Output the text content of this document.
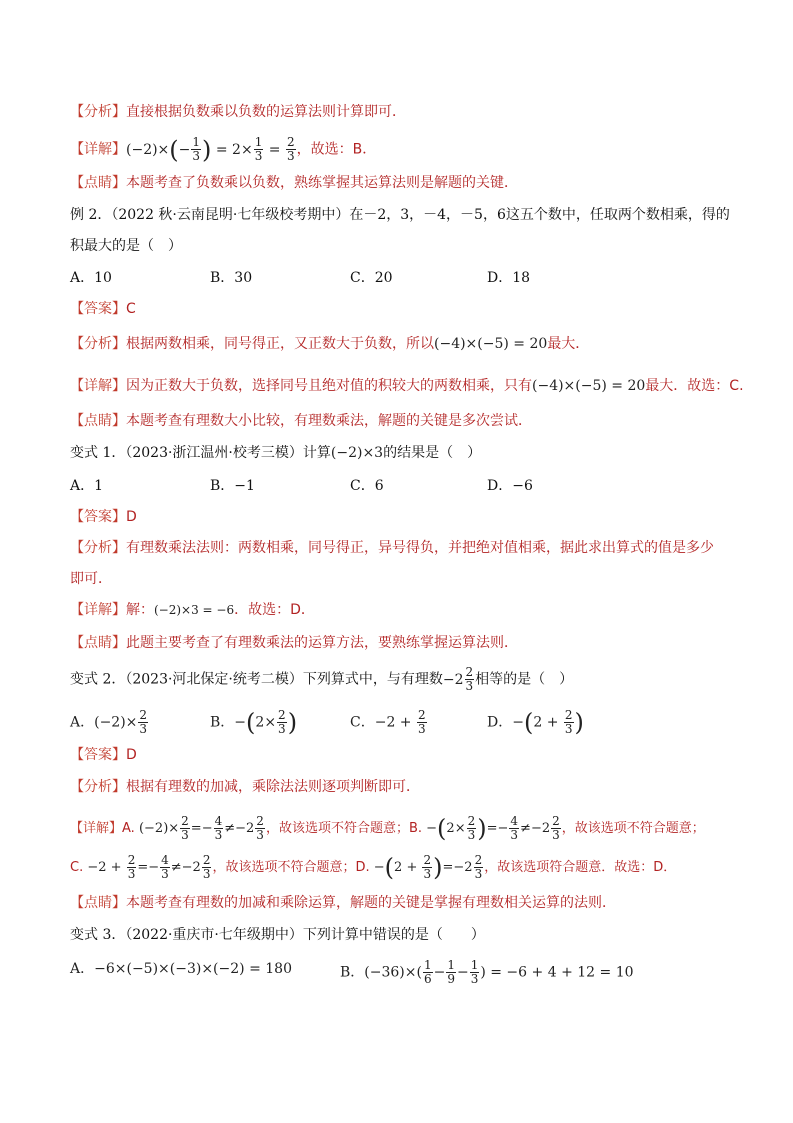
【分析】直接根据负数乘以负数的运算法则计算即可．
【详解】$(-2)\times(- \frac{1}{3}$ ) = $2\times \frac{1}{3} = \frac{2}{3}$ ，故选：B．
【点睛】本题考查了负数乘以负数，熟练掌握其运算法则是解题的关键．
例 2．（2022 秋·云南昆明·七年级校考期中）在－2，3，－4，－5，6这五个数中，任取两个数相乘，得的
积最大的是（　）
A．10	B．30	C．20	D．18
【答案】C
【分析】根据两数相乘，同号得正，又正数大于负数，所以(−4)×(−5) = 20最大．
【详解】因为正数大于负数，选择同号且绝对值的积较大的两数相乘，只有(−4)×(−5) = 20最大．故选：C.
【点睛】本题考查有理数大小比较，有理数乘法，解题的关键是多次尝试．
变式 1．（2023·浙江温州·校考三模）计算(−2)×3的结果是（　）
A．1	B．−1	C．6	D．−6
【答案】D
【分析】有理数乘法法则：两数相乘，同号得正，异号得负，并把绝对值相乘，据此求出算式的值是多少
即可．
【详解】解：(−2)×3 = −6．故选：D．
【点睛】此题主要考查了有理数乘法的运算方法，要熟练掌握运算法则．
变式 2．（2023·河北保定·统考二模）下列算式中，与有理数$-2 \frac{2}{3}$ 相等的是（　）
A．$(-2)\times \frac{2}{3}$	B．$-(2\times \frac{2}{3}$ )	C．$-2 + \frac{2}{3}$	D．$-(2 + \frac{2}{3}$ )
【答案】D
【分析】根据有理数的加减，乘除法法则逐项判断即可．
【详解】A. $(-2)\times \frac{2}{3} =- \frac{4}{3} \ne-2 \frac{2}{3}$ ，故该选项不符合题意；B. $-(2\times \frac{2}{3}$ )=− $\frac{4}{3} \ne-2 \frac{2}{3}$ ，故该选项不符合题意；
C. $-2 + \frac{2}{3} =- \frac{4}{3} \ne-2 \frac{2}{3}$ ，故该选项不符合题意；D. $-(2 + \frac{2}{3} )=-2 \frac{2}{3}$ ，故该选项符合题意．故选：D．
【点睛】本题考查有理数的加减和乘除运算，解题的关键是掌握有理数相关运算的法则．
变式 3．（2022·重庆市·七年级期中）下列计算中错误的是（　　）
A．−6×(−5)×(−3)×(−2) = 180	B．$(-36)\times( \frac{1}{6} - \frac{1}{9} - \frac{1}{3}$ ) = −6 + 4 + 12 = 10
